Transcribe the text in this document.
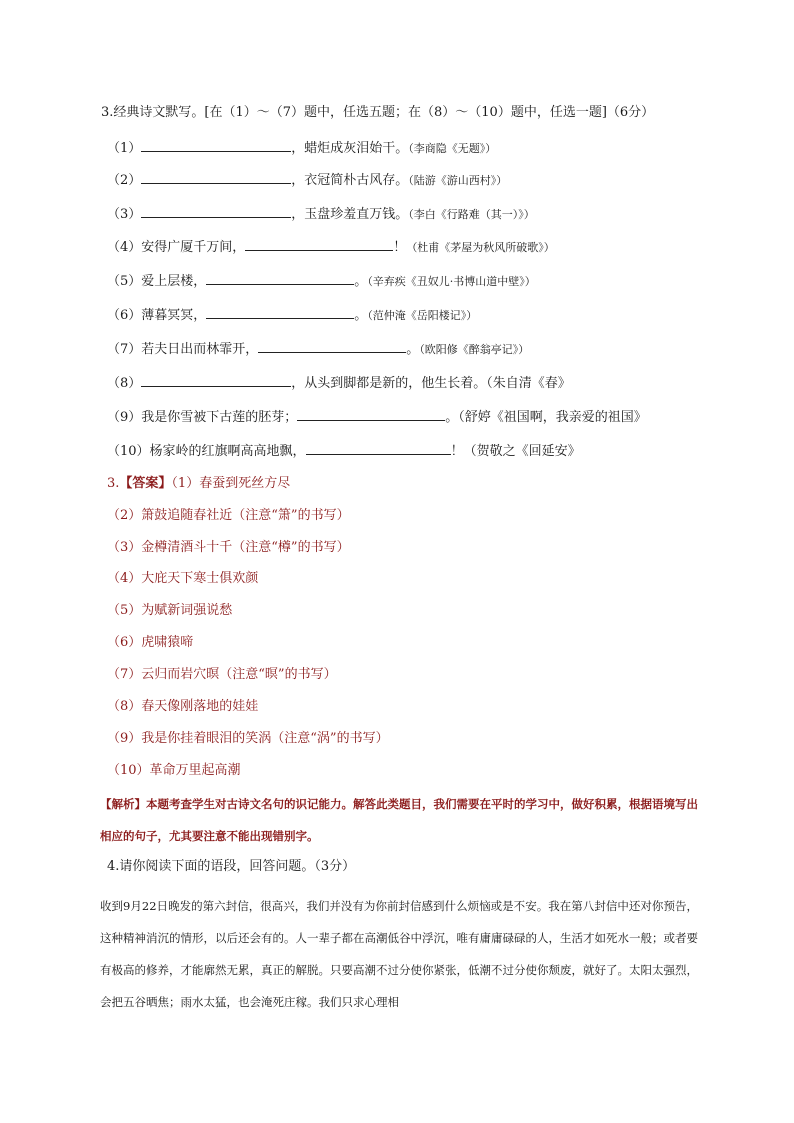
3.经典诗文默写。[在（1）～（7）题中，任选五题；在（8）～（10）题中，任选一题]（6分）
（1）	，蜡炬成灰泪始干。（李商隐《无题》）
（2）	，衣冠简朴古风存。（陆游《游山西村》）
（3）	，玉盘珍羞直万钱。（李白《行路难（其一）》）
（4）安得广厦千万间，	！（杜甫《茅屋为秋风所破歌》）
（5）爱上层楼，	。（辛弃疾《丑奴儿·书博山道中壁》）
（6）薄暮冥冥，	。（范仲淹《岳阳楼记》）
（7）若夫日出而林霏开，	。（欧阳修《醉翁亭记》）
（8）	，从头到脚都是新的，他生长着。（朱自清《春》
（9）我是你雪被下古莲的胚芽；	。（舒婷《祖国啊，我亲爱的祖国》
（10）杨家岭的红旗啊高高地飘，	！（贺敬之《回延安》
3.【答案】（1）春蚕到死丝方尽
（2）箫鼓追随春社近（注意“箫”的书写）
（3）金樽清酒斗十千（注意“樽”的书写）
（4）大庇天下寒士俱欢颜
（5）为赋新词强说愁
（6）虎啸猿啼
（7）云归而岩穴暝（注意“暝”的书写）
（8）春天像刚落地的娃娃
（9）我是你挂着眼泪的笑涡（注意“涡”的书写）
（10）革命万里起高潮
【解析】本题考查学生对古诗文名句的识记能力。解答此类题目，我们需要在平时的学习中，做好积累，根据语境写出相应的句子，尤其要注意不能出现错别字。
4.请你阅读下面的语段，回答问题。（3分）
收到9月22日晚发的第六封信，很高兴，我们并没有为你前封信感到什么烦恼或是不安。我在第八封信中还对你预告，这种精神消沉的情形，以后还会有的。人一辈子都在高潮低谷中浮沉，唯有庸庸碌碌的人，生活才如死水一般；或者要有极高的修养，才能廓然无累，真正的解脱。只要高潮不过分使你紧张，低潮不过分使你颓废，就好了。太阳太强烈，会把五谷晒焦；雨水太猛，也会淹死庄稼。我们只求心理相
